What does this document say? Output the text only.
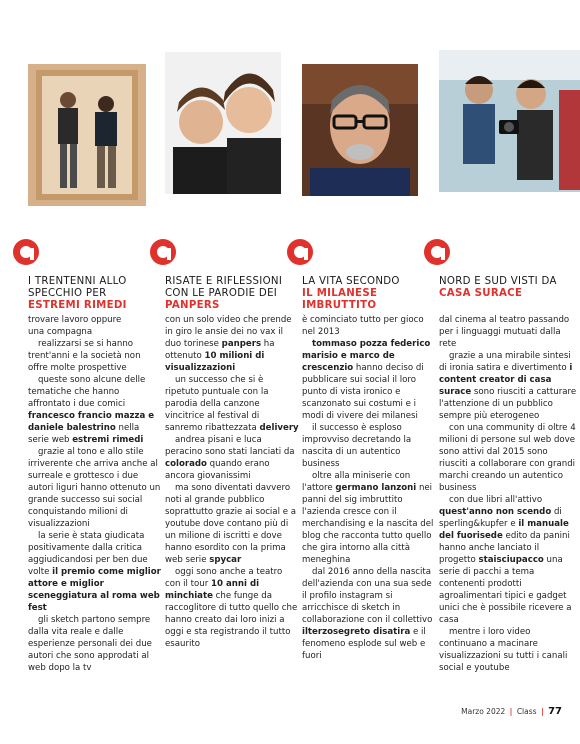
I TRENTENNI ALLO SPECCHIO PER
ESTREMI RIMEDI

trovare lavoro oppure

una compagna

realizzarsi se si hanno trent'anni e la società non offre molte prospettive

queste sono alcune delle tematiche che hanno affrontato i due comici francesco francio mazza e daniele balestrino nella serie web estremi rimedi

grazie al tono e allo stile irriverente che arriva anche al surreale e grottesco i due autori liguri hanno ottenuto un grande successo sui social conquistando milioni di visualizzazioni

la serie è stata giudicata positivamente dalla critica aggiudicandosi per ben due volte il premio come miglior attore e miglior sceneggiatura al roma web fest

gli sketch partono sempre dalla vita reale e dalle esperienze personali dei due autori che sono approdati al web dopo la tv

RISATE E RIFLESSIONI CON LE PARODIE DEI PANPERS

con un solo video che prende in giro le ansie dei no vax il duo torinese panpers ha ottenuto 10 milioni di visualizzazioni

un successo che si è ripetuto puntuale con la parodia della canzone vincitrice al festival di sanremo ribattezzata delivery

andrea pisani e luca peracino sono stati lanciati da colorado quando erano ancora giovanissimi

ma sono diventati davvero noti al grande pubblico soprattutto grazie ai social e a youtube dove contano più di un milione di iscritti e dove hanno esordito con la prima web serie spycar

oggi sono anche a teatro con il tour 10 anni di minchiate che funge da raccoglitore di tutto quello che hanno creato dai loro inizi a oggi e sta registrando il tutto esaurito

LA VITA SECONDO
IL MILANESE IMBRUTTITO

è cominciato tutto per gioco nel 2013

tommaso pozza federico marisio e marco de crescenzio hanno deciso di pubblicare sui social il loro punto di vista ironico e scanzonato sui costumi e i modi di vivere dei milanesi

il successo è esploso improvviso decretando la nascita di un autentico business

oltre alla miniserie con l'attore germano lanzoni nei panni del sig imbruttito l'azienda cresce con il merchandising e la nascita del blog che racconta tutto quello che gira intorno alla città meneghina

dal 2016 anno della nascita dell'azienda con una sua sede il profilo instagram si arricchisce di sketch in collaborazione con il collettivo ilterzosegreto disatira e il fenomeno esplode sul web e fuori

NORD E SUD VISTI DA CASA SURACE

dal cinema al teatro passando per i linguaggi mutuati dalla rete

grazie a una mirabile sintesi di ironia satira e divertimento i content creator di casa surace sono riusciti a catturare l'attenzione di un pubblico sempre più eterogeneo

con una community di oltre 4 milioni di persone sul web dove sono attivi dal 2015 sono riusciti a collaborare con grandi marchi creando un autentico business

con due libri all'attivo quest'anno non scendo di sperling&kupfer e il manuale del fuorisede edito da panini hanno anche lanciato il progetto staisciupacco una serie di pacchi a tema contenenti prodotti agroalimentari tipici e gadget unici che è possibile ricevere a casa

mentre i loro video continuano a macinare visualizzazioni su tutti i canali social e youtube

Marzo 2022 | Class | 77
